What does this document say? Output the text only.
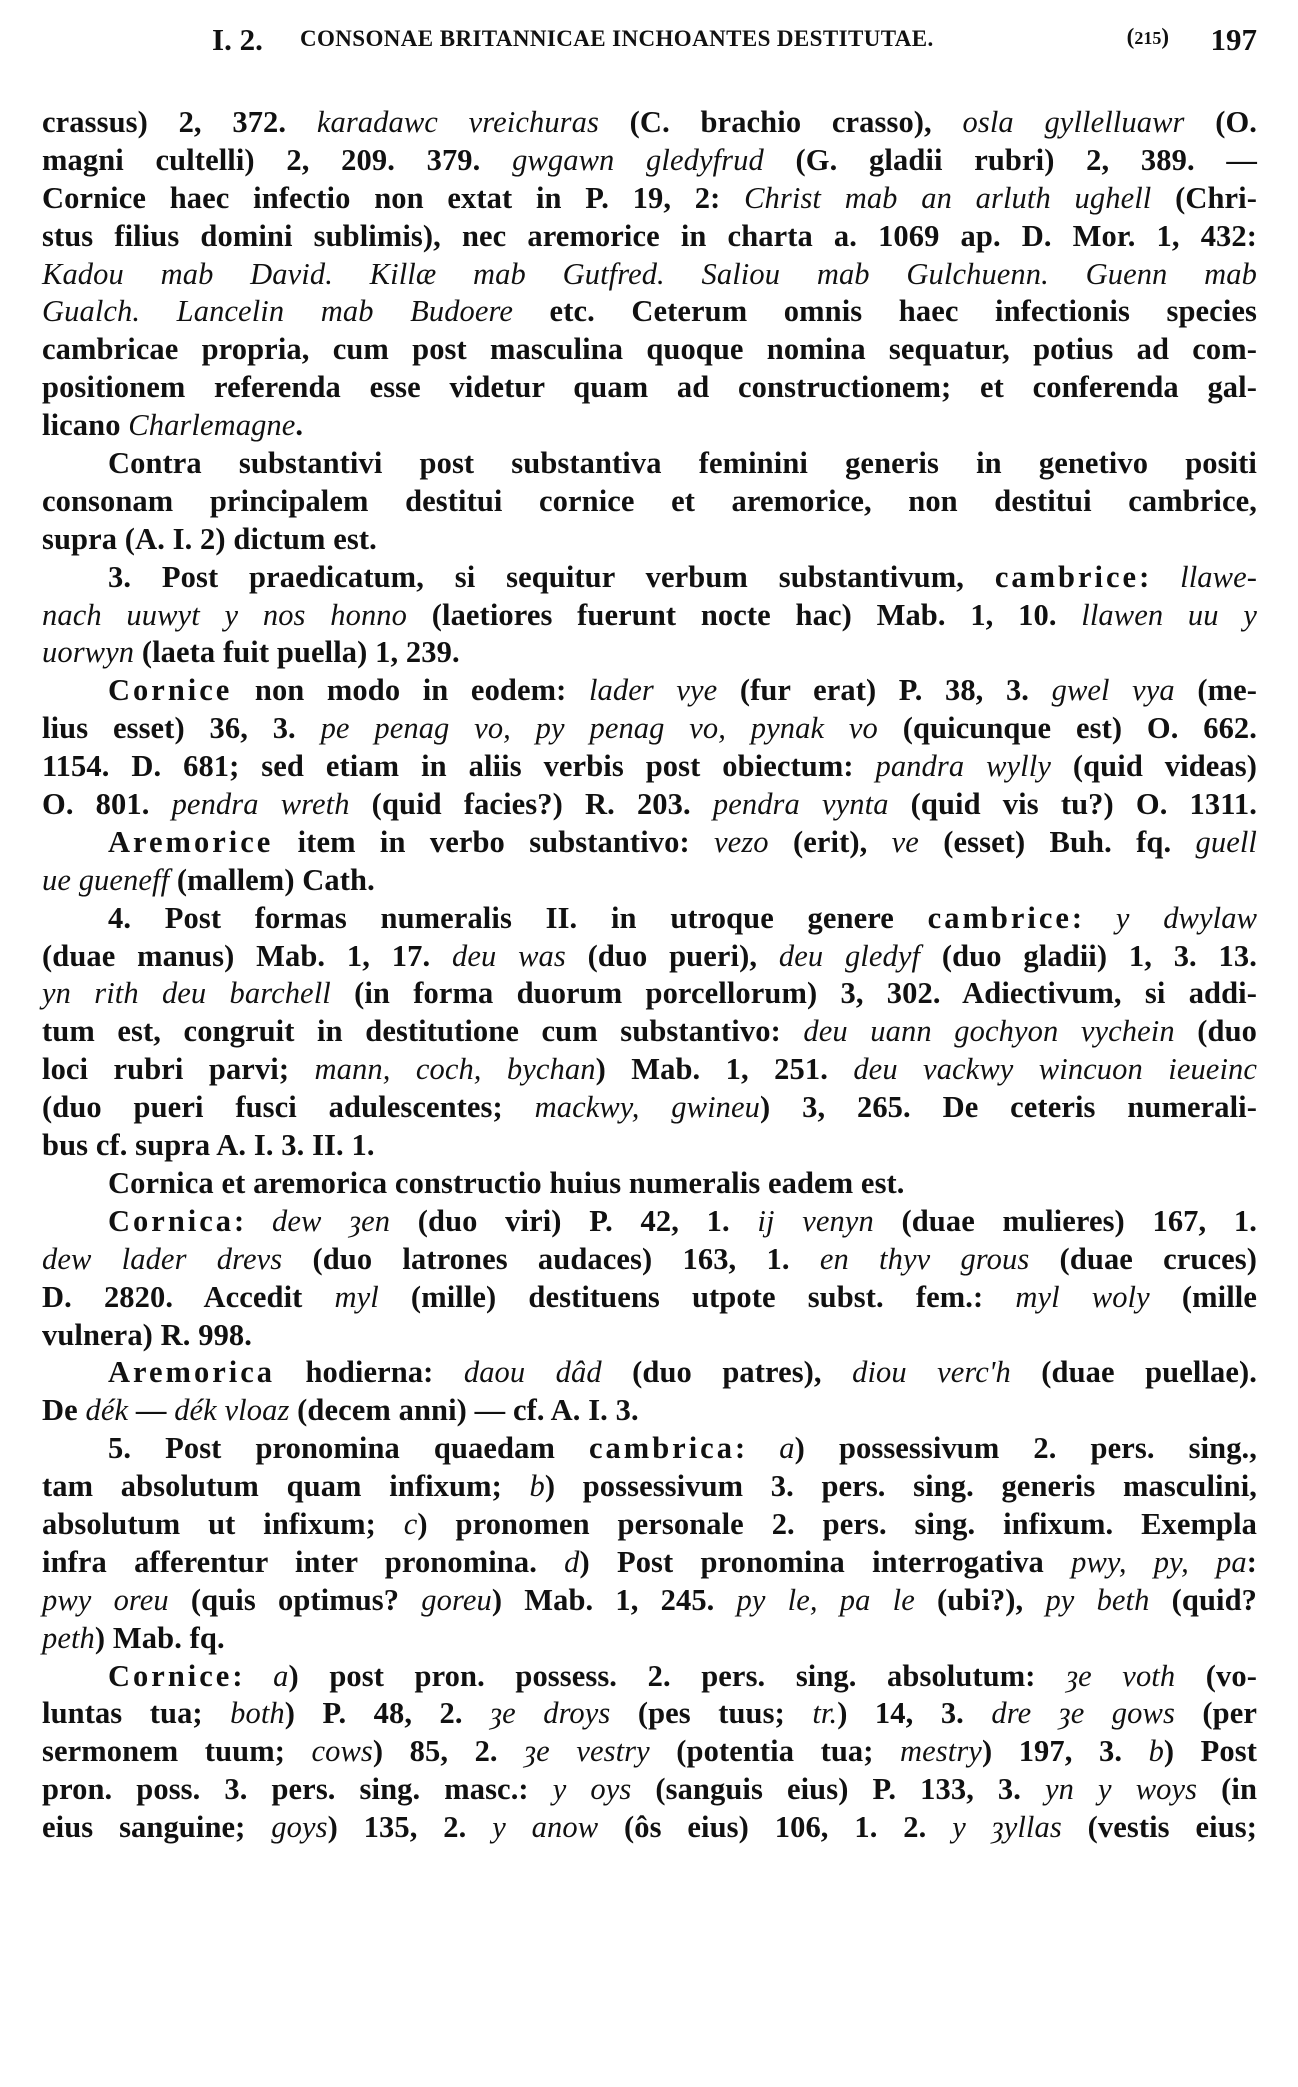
I. 2. CONSONAE BRITANNICAE INCHOANTES DESTITUTAE.	(215) 197
crassus) 2, 372. karadawc vreichuras (C. brachio crasso), osla gyllelluawr (O.
magni cultelli) 2, 209. 379. gwgawn gledyfrud (G. gladii rubri) 2, 389. —
Cornice haec infectio non extat in P. 19, 2: Christ mab an arluth ughell (Chri-
stus filius domini sublimis), nec aremorice in charta a. 1069 ap. D. Mor. 1, 432:
Kadou mab David. Killæ mab Gutfred. Saliou mab Gulchuenn. Guenn mab
Gualch. Lancelin mab Budoere etc. Ceterum omnis haec infectionis species
cambricae propria, cum post masculina quoque nomina sequatur, potius ad com-
positionem referenda esse videtur quam ad constructionem; et conferenda gal-
licano Charlemagne.
Contra substantivi post substantiva feminini generis in genetivo positi
consonam principalem destitui cornice et aremorice, non destitui cambrice,
supra (A. I. 2) dictum est.
3. Post praedicatum, si sequitur verbum substantivum, cambrice: llawe-
nach uuwyt y nos honno (laetiores fuerunt nocte hac) Mab. 1, 10. llawen uu y
uorwyn (laeta fuit puella) 1, 239.
Cornice non modo in eodem: lader vye (fur erat) P. 38, 3. gwel vya (me-
lius esset) 36, 3. pe penag vo, py penag vo, pynak vo (quicunque est) O. 662.
1154. D. 681; sed etiam in aliis verbis post obiectum: pandra wylly (quid videas)
O. 801. pendra wreth (quid facies?) R. 203. pendra vynta (quid vis tu?) O. 1311.
Aremorice item in verbo substantivo: vezo (erit), ve (esset) Buh. fq. guell
ue gueneff (mallem) Cath.
4. Post formas numeralis II. in utroque genere cambrice: y dwylaw
(duae manus) Mab. 1, 17. deu was (duo pueri), deu gledyf (duo gladii) 1, 3. 13.
yn rith deu barchell (in forma duorum porcellorum) 3, 302. Adiectivum, si addi-
tum est, congruit in destitutione cum substantivo: deu uann gochyon vychein (duo
loci rubri parvi; mann, coch, bychan) Mab. 1, 251. deu vackwy wincuon ieueinc
(duo pueri fusci adulescentes; mackwy, gwineu) 3, 265. De ceteris numerali-
bus cf. supra A. I. 3. II. 1.
Cornica et aremorica constructio huius numeralis eadem est.
Cornica: dew ȝen (duo viri) P. 42, 1. ij venyn (duae mulieres) 167, 1.
dew lader drevs (duo latrones audaces) 163, 1. en thyv grous (duae cruces)
D. 2820. Accedit myl (mille) destituens utpote subst. fem.: myl woly (mille
vulnera) R. 998.
Aremorica hodierna: daou dâd (duo patres), diou verc'h (duae puellae).
De dék — dék vloaz (decem anni) — cf. A. I. 3.
5. Post pronomina quaedam cambrica: a) possessivum 2. pers. sing.,
tam absolutum quam infixum; b) possessivum 3. pers. sing. generis masculini,
absolutum ut infixum; c) pronomen personale 2. pers. sing. infixum. Exempla
infra afferentur inter pronomina. d) Post pronomina interrogativa pwy, py, pa:
pwy oreu (quis optimus? goreu) Mab. 1, 245. py le, pa le (ubi?), py beth (quid?
peth) Mab. fq.
Cornice: a) post pron. possess. 2. pers. sing. absolutum: ȝe voth (vo-
luntas tua; both) P. 48, 2. ȝe droys (pes tuus; tr.) 14, 3. dre ȝe gows (per
sermonem tuum; cows) 85, 2. ȝe vestry (potentia tua; mestry) 197, 3. b) Post
pron. poss. 3. pers. sing. masc.: y oys (sanguis eius) P. 133, 3. yn y woys (in
eius sanguine; goys) 135, 2. y anow (ôs eius) 106, 1. 2. y ȝyllas (vestis eius;
